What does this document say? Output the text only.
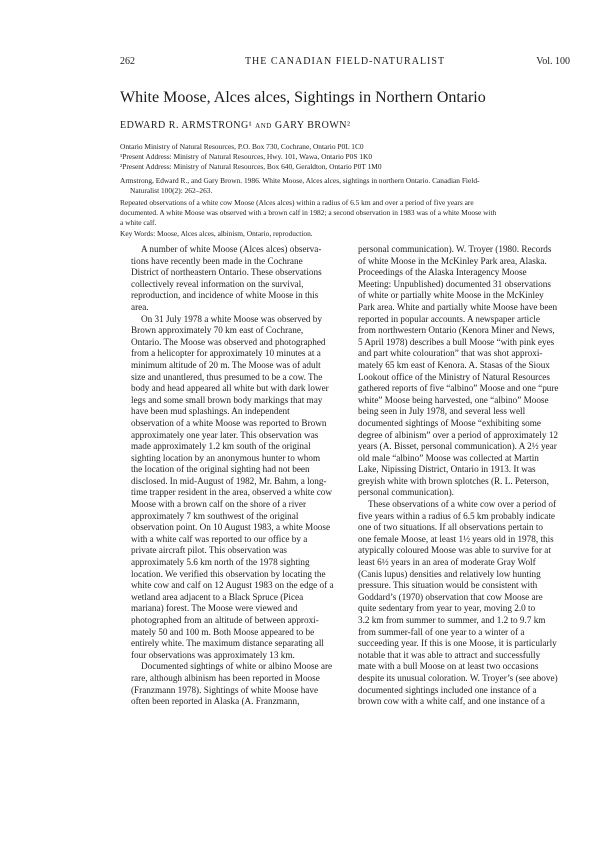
262	THE CANADIAN FIELD-NATURALIST	Vol. 100
White Moose, Alces alces, Sightings in Northern Ontario
EDWARD R. ARMSTRONG¹ and GARY BROWN²
Ontario Ministry of Natural Resources, P.O. Box 730, Cochrane, Ontario P0L 1C0
¹Present Address: Ministry of Natural Resources, Hwy. 101, Wawa, Ontario P0S 1K0
²Present Address: Ministry of Natural Resources, Box 640, Geraldton, Ontario P0T 1M0
Armstrong, Edward R., and Gary Brown. 1986. White Moose, Alces alces, sightings in northern Ontario. Canadian Field-
Naturalist 100(2): 262–263.
Repeated observations of a white cow Moose (Alces alces) within a radius of 6.5 km and over a period of five years are
documented. A white Moose was observed with a brown calf in 1982; a second observation in 1983 was of a white Moose with
a white calf.
Key Words: Moose, Alces alces, albinism, Ontario, reproduction.

A number of white Moose (Alces alces) observa-
tions have recently been made in the Cochrane
District of northeastern Ontario. These observations
collectively reveal information on the survival,
reproduction, and incidence of white Moose in this
area.

On 31 July 1978 a white Moose was observed by
Brown approximately 70 km east of Cochrane,
Ontario. The Moose was observed and photographed
from a helicopter for approximately 10 minutes at a
minimum altitude of 20 m. The Moose was of adult
size and unantlered, thus presumed to be a cow. The
body and head appeared all white but with dark lower
legs and some small brown body markings that may
have been mud splashings. An independent
observation of a white Moose was reported to Brown
approximately one year later. This observation was
made approximately 1.2 km south of the original
sighting location by an anonymous hunter to whom
the location of the original sighting had not been
disclosed. In mid-August of 1982, Mr. Bahm, a long-
time trapper resident in the area, observed a white cow
Moose with a brown calf on the shore of a river
approximately 7 km southwest of the original
observation point. On 10 August 1983, a white Moose
with a white calf was reported to our office by a
private aircraft pilot. This observation was
approximately 5.6 km north of the 1978 sighting
location. We verified this observation by locating the
white cow and calf on 12 August 1983 on the edge of a
wetland area adjacent to a Black Spruce (Picea
mariana) forest. The Moose were viewed and
photographed from an altitude of between approxi-
mately 50 and 100 m. Both Moose appeared to be
entirely white. The maximum distance separating all
four observations was approximately 13 km.

Documented sightings of white or albino Moose are
rare, although albinism has been reported in Moose
(Franzmann 1978). Sightings of white Moose have
often been reported in Alaska (A. Franzmann,

personal communication). W. Troyer (1980. Records
of white Moose in the McKinley Park area, Alaska.
Proceedings of the Alaska Interagency Moose
Meeting: Unpublished) documented 31 observations
of white or partially white Moose in the McKinley
Park area. White and partially white Moose have been
reported in popular accounts. A newspaper article
from northwestern Ontario (Kenora Miner and News,
5 April 1978) describes a bull Moose “with pink eyes
and part white colouration” that was shot approxi-
mately 65 km east of Kenora. A. Stasas of the Sioux
Lookout office of the Ministry of Natural Resources
gathered reports of five “albino” Moose and one “pure
white” Moose being harvested, one “albino” Moose
being seen in July 1978, and several less well
documented sightings of Moose “exhibiting some
degree of albinism” over a period of approximately 12
years (A. Bisset, personal communication). A 2½ year
old male “albino” Moose was collected at Martin
Lake, Nipissing District, Ontario in 1913. It was
greyish white with brown splotches (R. L. Peterson,
personal communication).

These observations of a white cow over a period of
five years within a radius of 6.5 km probably indicate
one of two situations. If all observations pertain to
one female Moose, at least 1½ years old in 1978, this
atypically coloured Moose was able to survive for at
least 6½ years in an area of moderate Gray Wolf
(Canis lupus) densities and relatively low hunting
pressure. This situation would be consistent with
Goddard’s (1970) observation that cow Moose are
quite sedentary from year to year, moving 2.0 to
3.2 km from summer to summer, and 1.2 to 9.7 km
from summer-fall of one year to a winter of a
succeeding year. If this is one Moose, it is particularly
notable that it was able to attract and successfully
mate with a bull Moose on at least two occasions
despite its unusual coloration. W. Troyer’s (see above)
documented sightings included one instance of a
brown cow with a white calf, and one instance of a
